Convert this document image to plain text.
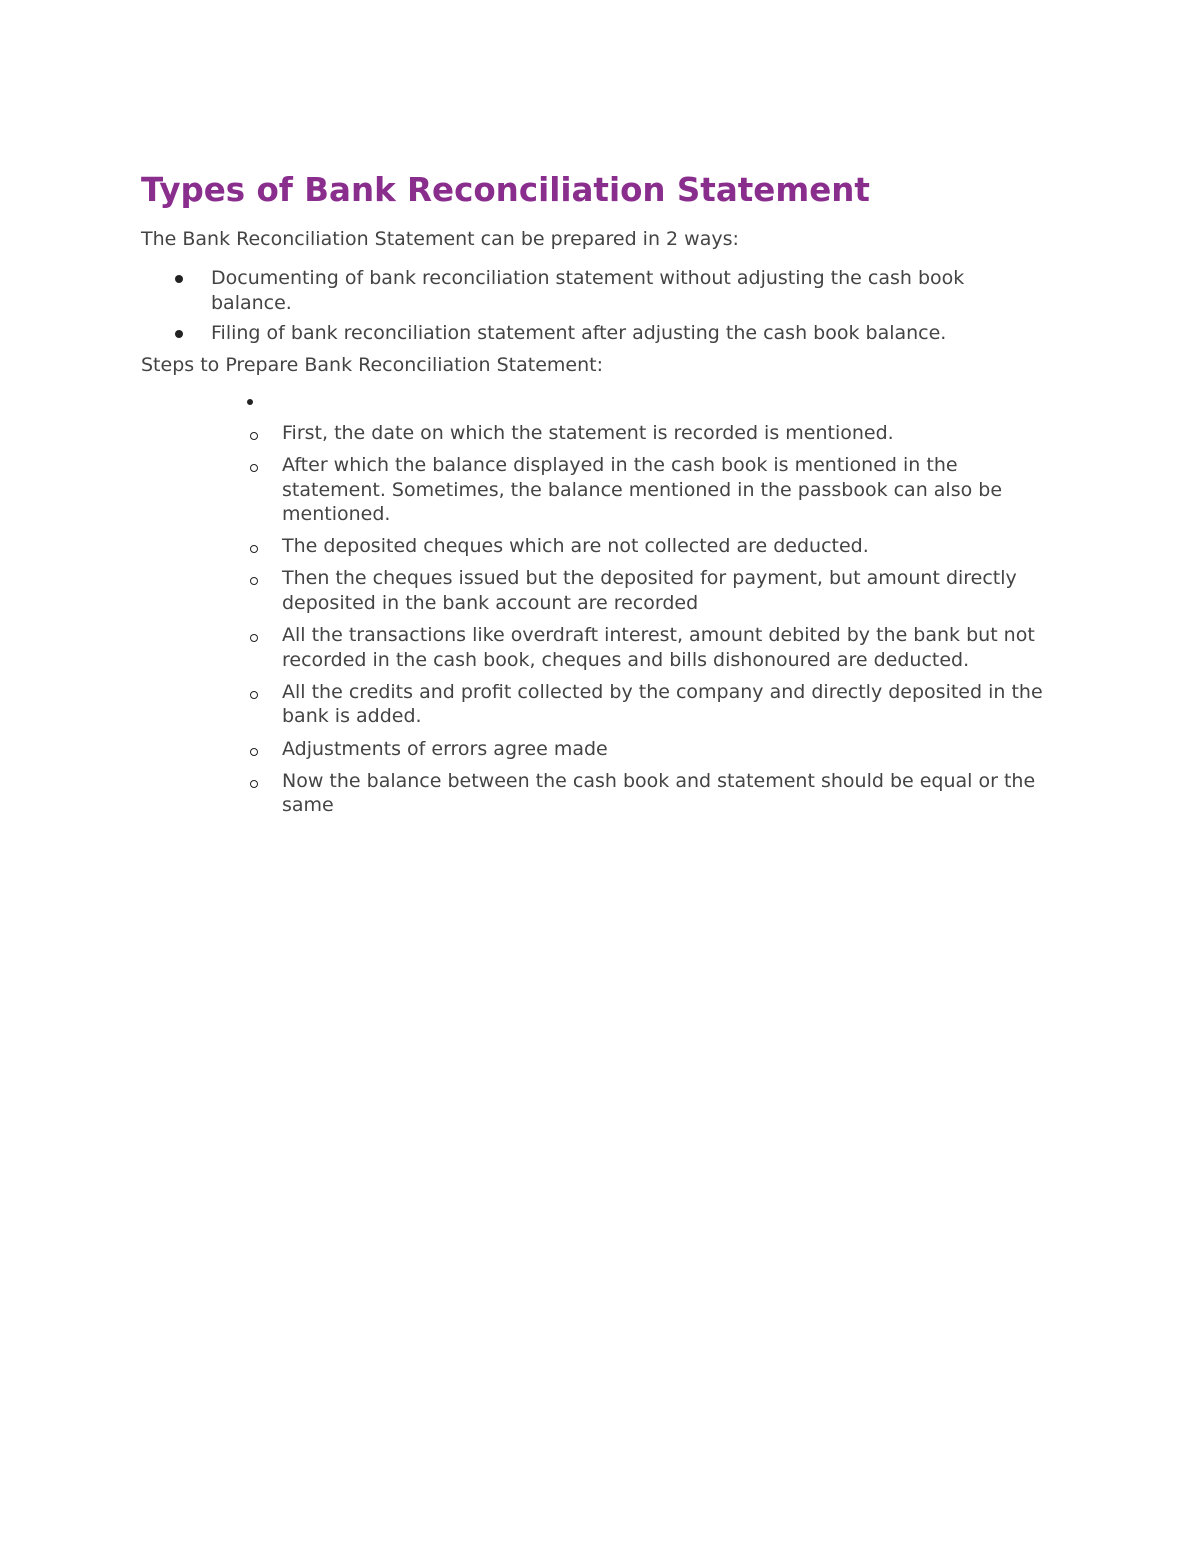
Types of Bank Reconciliation Statement

The Bank Reconciliation Statement can be prepared in 2 ways:

Documenting of bank reconciliation statement without adjusting the cash book balance.
Filing of bank reconciliation statement after adjusting the cash book balance.

Steps to Prepare Bank Reconciliation Statement:

First, the date on which the statement is recorded is mentioned.
After which the balance displayed in the cash book is mentioned in the statement. Sometimes, the balance mentioned in the passbook can also be mentioned.
The deposited cheques which are not collected are deducted.
Then the cheques issued but the deposited for payment, but amount directly deposited in the bank account are recorded
All the transactions like overdraft interest, amount debited by the bank but not recorded in the cash book, cheques and bills dishonoured are deducted.
All the credits and profit collected by the company and directly deposited in the bank is added.
Adjustments of errors agree made
Now the balance between the cash book and statement should be equal or the same
